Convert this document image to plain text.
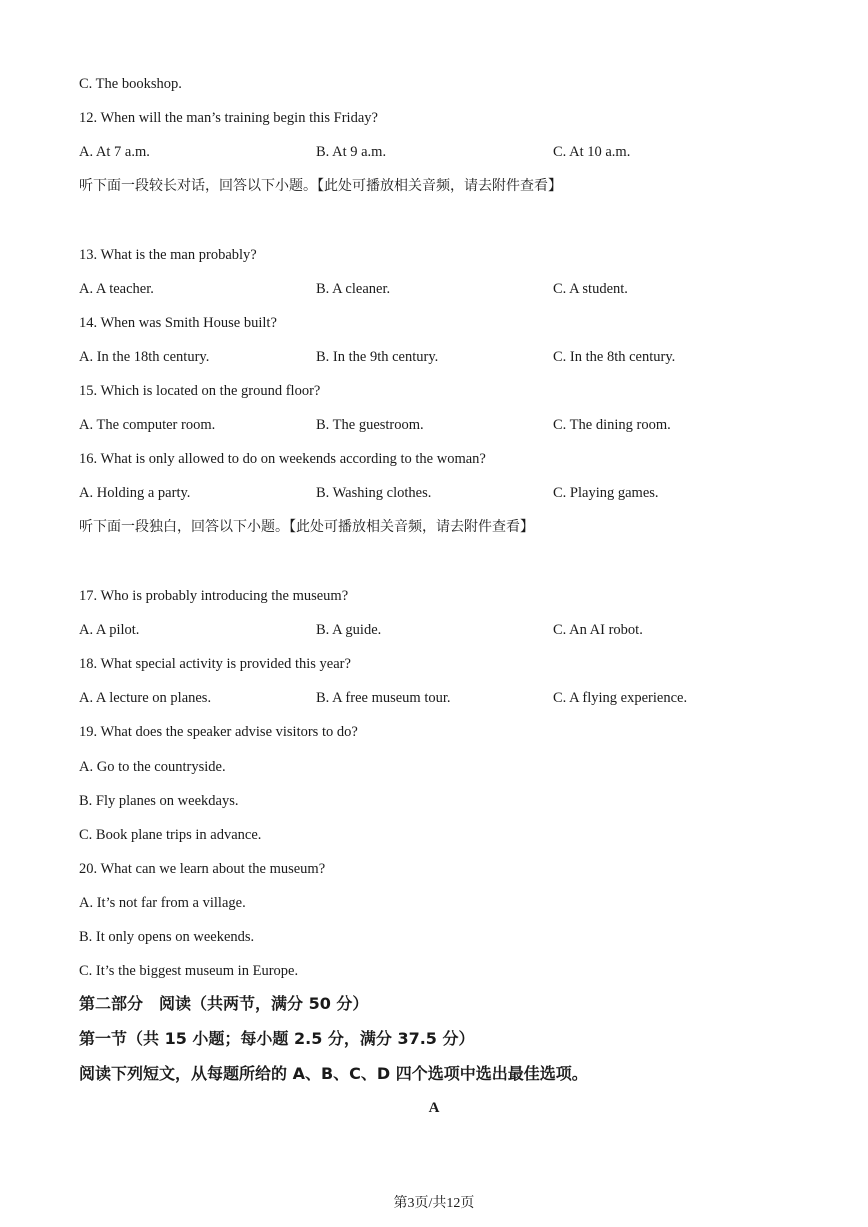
C. The bookshop.
12. When will the man’s training begin this Friday?
A. At 7 a.m.	B. At 9 a.m.	C. At 10 a.m.
听下面一段较长对话，回答以下小题。【此处可播放相关音频，请去附件查看】
13. What is the man probably?
A. A teacher.	B. A cleaner.	C. A student.
14. When was Smith House built?
A. In the 18th century.	B. In the 9th century.	C. In the 8th century.
15. Which is located on the ground floor?
A. The computer room.	B. The guestroom.	C. The dining room.
16. What is only allowed to do on weekends according to the woman?
A. Holding a party.	B. Washing clothes.	C. Playing games.
听下面一段独白，回答以下小题。【此处可播放相关音频，请去附件查看】
17. Who is probably introducing the museum?
A. A pilot.	B. A guide.	C. An AI robot.
18. What special activity is provided this year?
A. A lecture on planes.	B. A free museum tour.	C. A flying experience.
19. What does the speaker advise visitors to do?
A. Go to the countryside.
B. Fly planes on weekdays.
C. Book plane trips in advance.
20. What can we learn about the museum?
A. It’s not far from a village.
B. It only opens on weekends.
C. It’s the biggest museum in Europe.
第二部分　阅读（共两节，满分 50 分）
第一节（共 15 小题；每小题 2.5 分，满分 37.5 分）
阅读下列短文，从每题所给的 A、B、C、D 四个选项中选出最佳选项。
A
第3页/共12页
